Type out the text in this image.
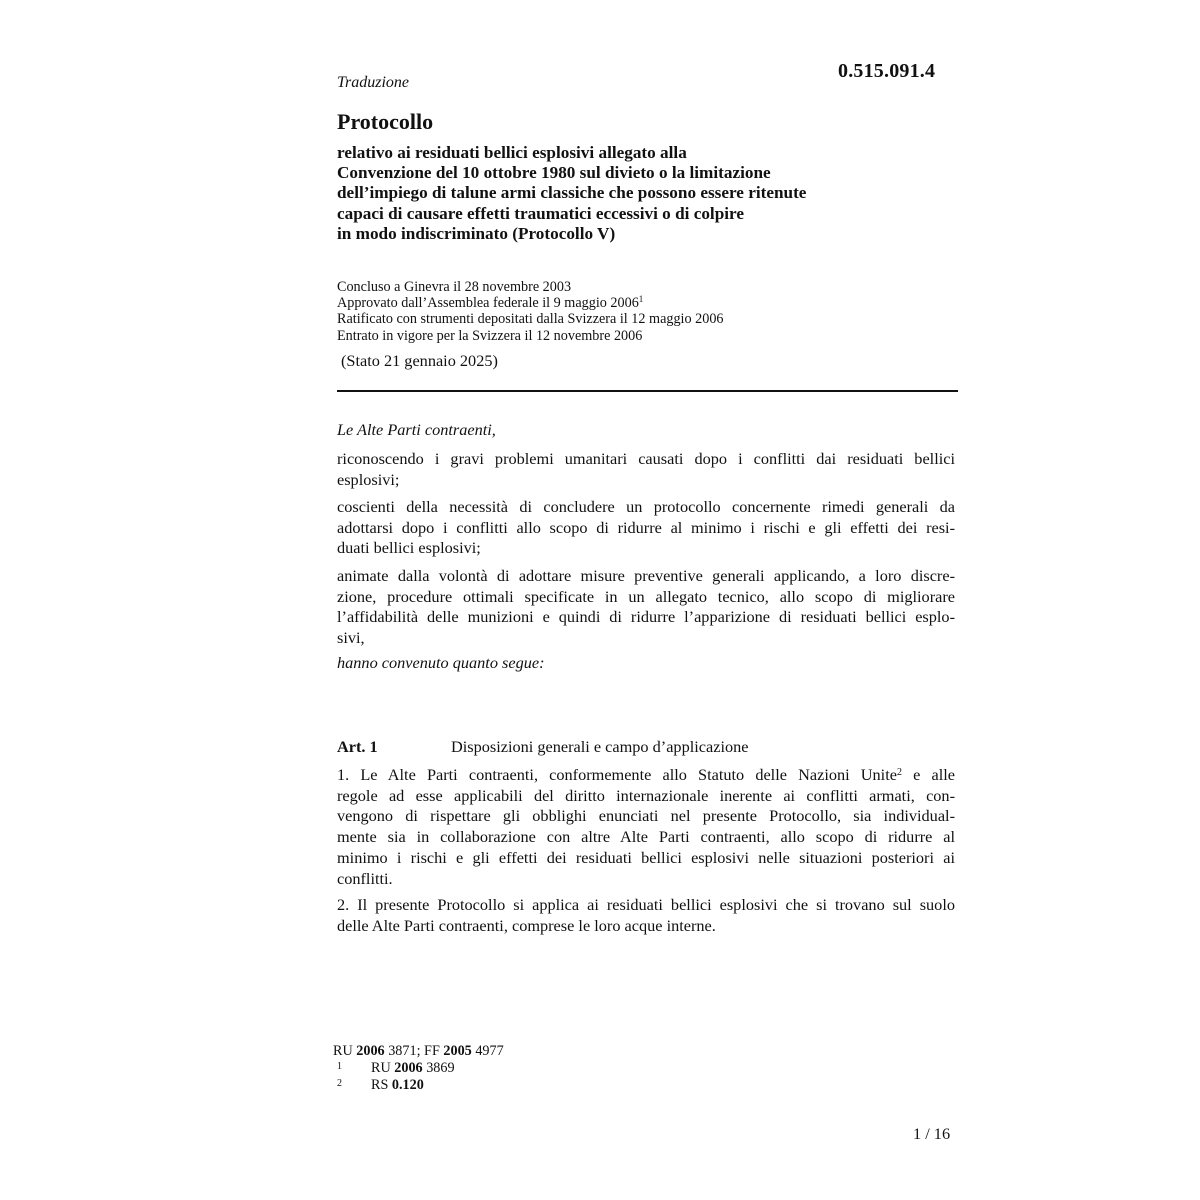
Traduzione
0.515.091.4
Protocollo
relativo ai residuati bellici esplosivi allegato alla
Convenzione del 10 ottobre 1980 sul divieto o la limitazione
dell’impiego di talune armi classiche che possono essere ritenute
capaci di causare effetti traumatici eccessivi o di colpire
in modo indiscriminato (Protocollo V)
Concluso a Ginevra il 28 novembre 2003
Approvato dall’Assemblea federale il 9 maggio 2006$^1$
Ratificato con strumenti depositati dalla Svizzera il 12 maggio 2006
Entrato in vigore per la Svizzera il 12 novembre 2006
(Stato 21 gennaio 2025)
Le Alte Parti contraenti,
riconoscendo i gravi problemi umanitari causati dopo i conflitti dai residuati bellici
esplosivi;
coscienti della necessità di concludere un protocollo concernente rimedi generali da
adottarsi dopo i conflitti allo scopo di ridurre al minimo i rischi e gli effetti dei resi-
duati bellici esplosivi;
animate dalla volontà di adottare misure preventive generali applicando, a loro discre-
zione, procedure ottimali specificate in un allegato tecnico, allo scopo di migliorare
l’affidabilità delle munizioni e quindi di ridurre l’apparizione di residuati bellici esplo-
sivi,
hanno convenuto quanto segue:
Art. 1	Disposizioni generali e campo d’applicazione
1. Le Alte Parti contraenti, conformemente allo Statuto delle Nazioni Unite$^2$ e alle
regole ad esse applicabili del diritto internazionale inerente ai conflitti armati, con-
vengono di rispettare gli obblighi enunciati nel presente Protocollo, sia individual-
mente sia in collaborazione con altre Alte Parti contraenti, allo scopo di ridurre al
minimo i rischi e gli effetti dei residuati bellici esplosivi nelle situazioni posteriori ai
conflitti.
2. Il presente Protocollo si applica ai residuati bellici esplosivi che si trovano sul suolo
delle Alte Parti contraenti, comprese le loro acque interne.
RU 2006 3871; FF 2005 4977
1 RU 2006 3869
2 RS 0.120
1 / 16
